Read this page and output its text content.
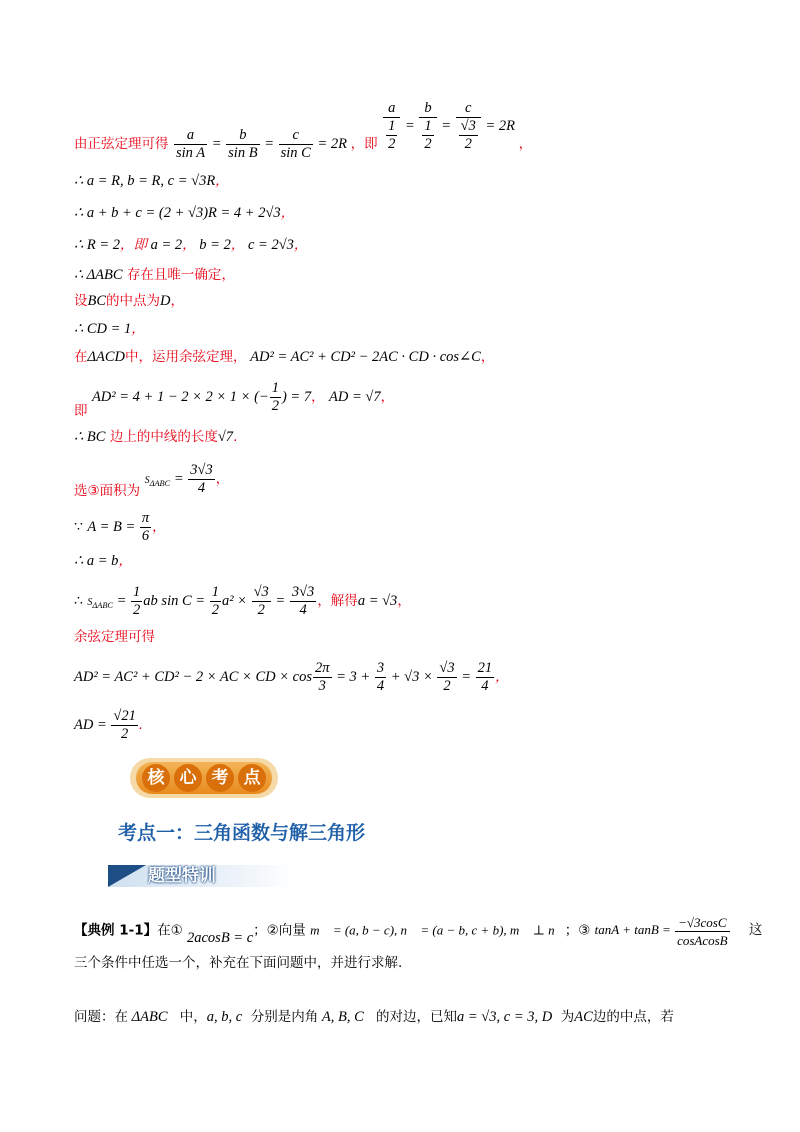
由正弦定理可得 $\frac{a}{\text{sin A}} = \frac{b}{\text{sin B}} = \frac{c}{\text{sin C}} = 2R$ ，即 $\frac{a}{\frac{1}{2}} = \frac{b}{\frac{1}{2}} = \frac{c}{\frac{√3}{2}} = 2R$ ，
∴ a = R, b = R, c = √3R，
∴ a + b + c = (2 + √3)R = 4 + 2√3，
∴ R = 2，即 a = 2， b = 2， c = 2√3，
∴ ΔABC 存在且唯一确定，
设BC的中点为D，
∴ CD = 1，
在ΔACD中，运用余弦定理， AD² = AC² + CD² − 2AC · CD · cos∠C，
即 AD² = 4 + 1 − 2 × 2 × 1 × (− $\frac{1}{2}$ ) = 7， AD = √7，
∴ BC 边上的中线的长度√7.
选③面积为 $S_{\Delta ABC} = \frac{3√3}{4}$ ，
∵ $A = B = \frac{\pi}{6}$ ，
∴ a = b，
∴ $S_{\Delta ABC} = \frac{1}{2}$ ab $\sin C = \frac{1}{2} a^2 \times \frac{√3}{2} = \frac{3√3}{4}$ ，解得a = √3，
余弦定理可得
AD² = AC² + CD² − 2 × AC × CD × $\cos \frac{2\pi}{3} = 3 + \frac{3}{4} + √3 \times \frac{√3}{2} = \frac{21}{4}$ ，
AD = $\frac{√21}{2}$ .
核 心 考 点
考点一：三角函数与解三角形
题型特训
【典例 1-1】在① 2acosB = c；②向量 m⃗ = (a, b − c), n⃗ = (a − b, c + b), m⃗ ⊥ n⃗；③ $\tan A + \tan B = \frac{-√3\cos C}{\text{cosAcosB}}$ 这
三个条件中任选一个，补充在下面问题中，并进行求解.
问题：在 ΔABC   中，a, b, c 分别是内角 A, B, C   的对边，已知a = √3, c = 3, D 为AC边的中点，若
